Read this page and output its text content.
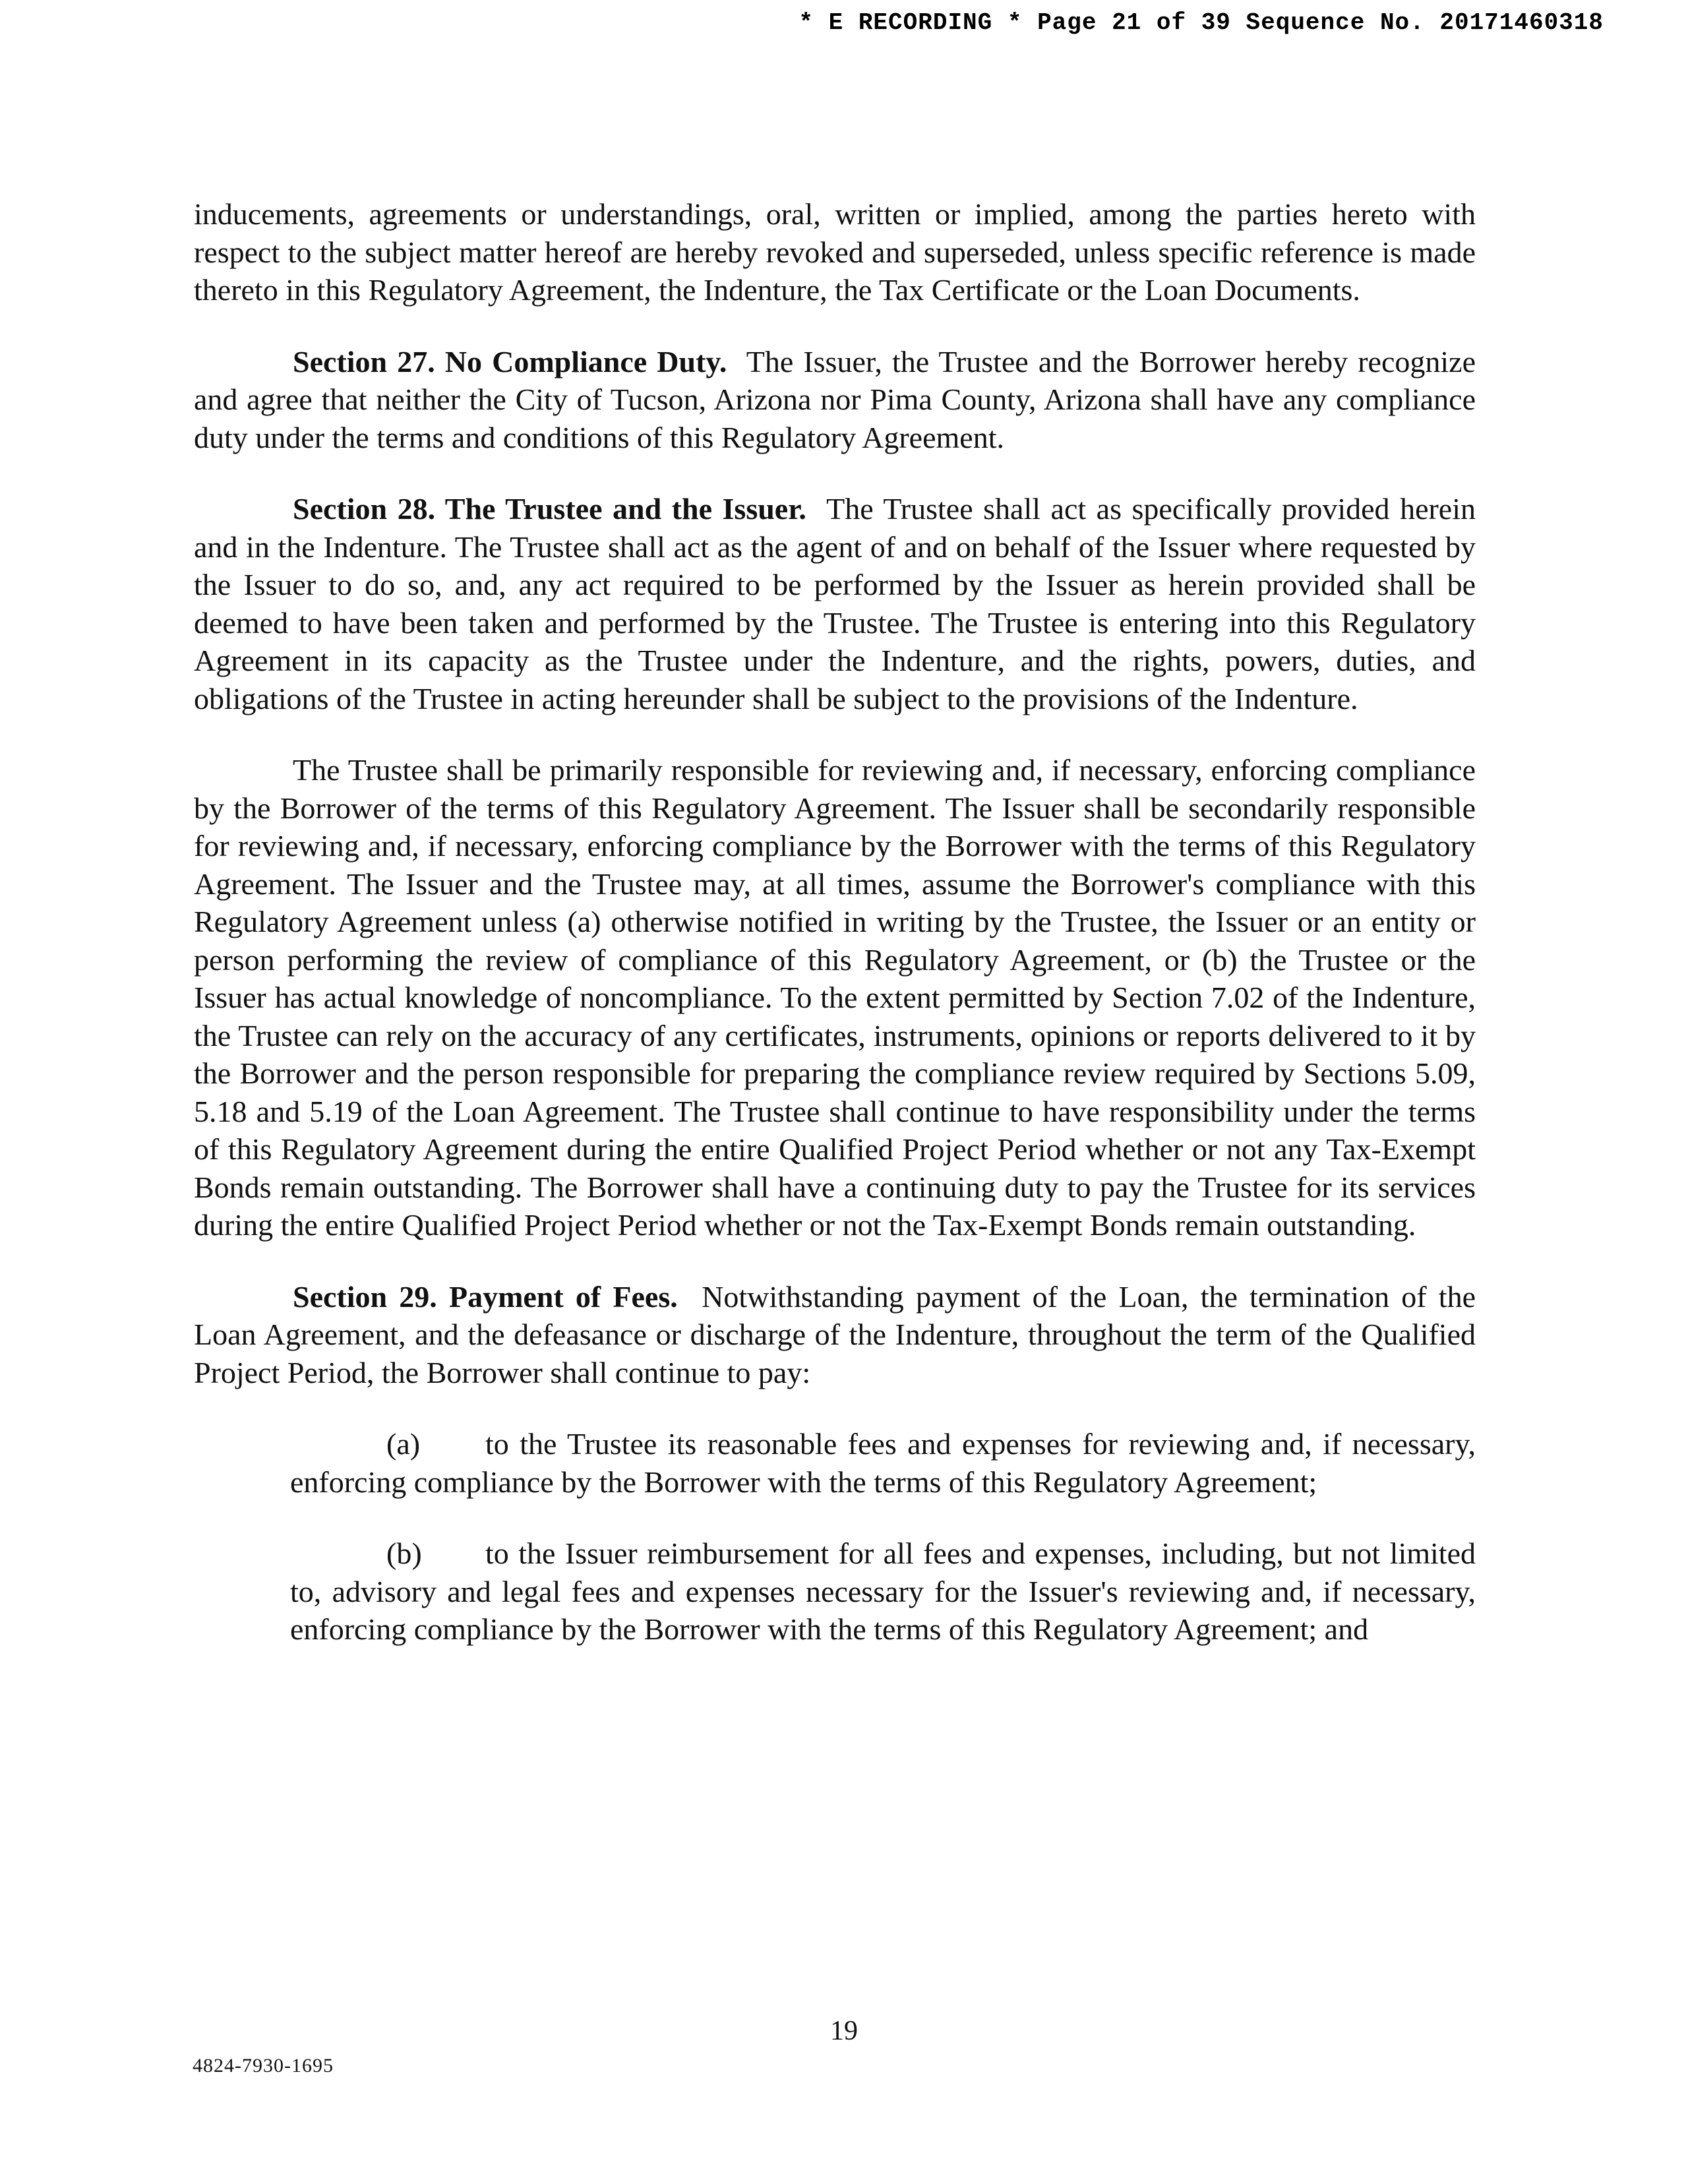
* E RECORDING * Page 21 of 39 Sequence No. 20171460318

inducements, agreements or understandings, oral, written or implied, among the parties hereto with respect to the subject matter hereof are hereby revoked and superseded, unless specific reference is made thereto in this Regulatory Agreement, the Indenture, the Tax Certificate or the Loan Documents.

Section 27. No Compliance Duty. The Issuer, the Trustee and the Borrower hereby recognize and agree that neither the City of Tucson, Arizona nor Pima County, Arizona shall have any compliance duty under the terms and conditions of this Regulatory Agreement.

Section 28. The Trustee and the Issuer. The Trustee shall act as specifically provided herein and in the Indenture. The Trustee shall act as the agent of and on behalf of the Issuer where requested by the Issuer to do so, and, any act required to be performed by the Issuer as herein provided shall be deemed to have been taken and performed by the Trustee. The Trustee is entering into this Regulatory Agreement in its capacity as the Trustee under the Indenture, and the rights, powers, duties, and obligations of the Trustee in acting hereunder shall be subject to the provisions of the Indenture.

The Trustee shall be primarily responsible for reviewing and, if necessary, enforcing compliance by the Borrower of the terms of this Regulatory Agreement. The Issuer shall be secondarily responsible for reviewing and, if necessary, enforcing compliance by the Borrower with the terms of this Regulatory Agreement. The Issuer and the Trustee may, at all times, assume the Borrower's compliance with this Regulatory Agreement unless (a) otherwise notified in writing by the Trustee, the Issuer or an entity or person performing the review of compliance of this Regulatory Agreement, or (b) the Trustee or the Issuer has actual knowledge of noncompliance. To the extent permitted by Section 7.02 of the Indenture, the Trustee can rely on the accuracy of any certificates, instruments, opinions or reports delivered to it by the Borrower and the person responsible for preparing the compliance review required by Sections 5.09, 5.18 and 5.19 of the Loan Agreement. The Trustee shall continue to have responsibility under the terms of this Regulatory Agreement during the entire Qualified Project Period whether or not any Tax-Exempt Bonds remain outstanding. The Borrower shall have a continuing duty to pay the Trustee for its services during the entire Qualified Project Period whether or not the Tax-Exempt Bonds remain outstanding.

Section 29. Payment of Fees. Notwithstanding payment of the Loan, the termination of the Loan Agreement, and the defeasance or discharge of the Indenture, throughout the term of the Qualified Project Period, the Borrower shall continue to pay:

(a) to the Trustee its reasonable fees and expenses for reviewing and, if necessary, enforcing compliance by the Borrower with the terms of this Regulatory Agreement;

(b) to the Issuer reimbursement for all fees and expenses, including, but not limited to, advisory and legal fees and expenses necessary for the Issuer's reviewing and, if necessary, enforcing compliance by the Borrower with the terms of this Regulatory Agreement; and

19
4824-7930-1695
